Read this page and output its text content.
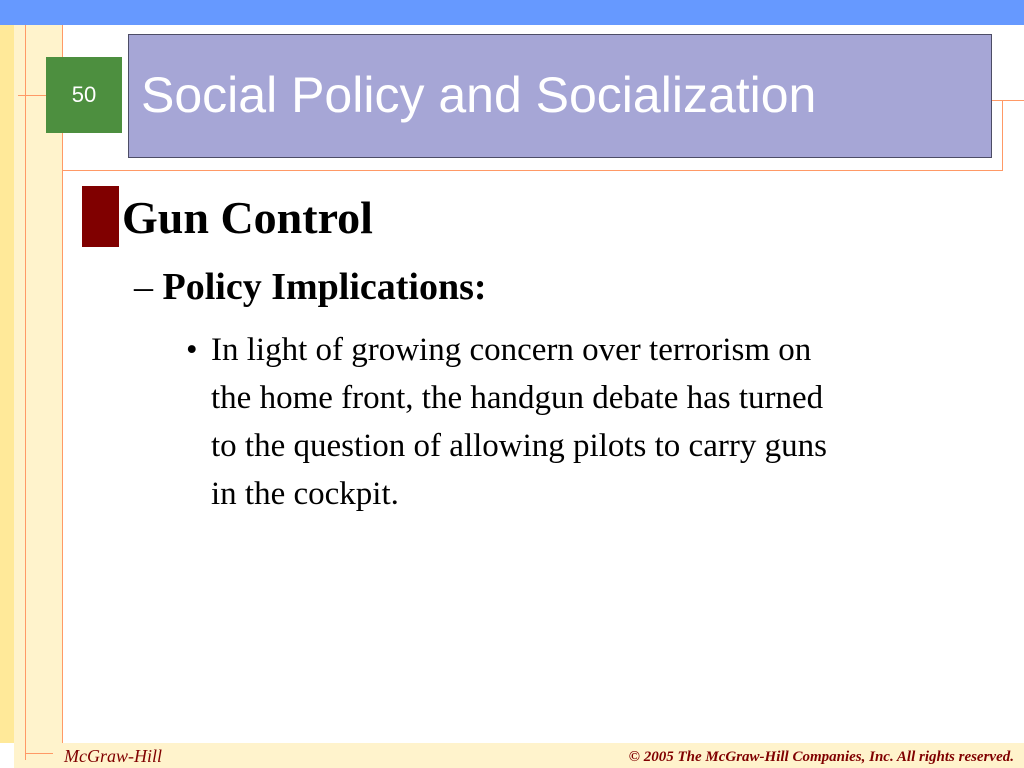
Social Policy and Socialization
50
Gun Control
– Policy Implications:
• In light of growing concern over terrorism on
the home front, the handgun debate has turned
to the question of allowing pilots to carry guns
in the cockpit.
McGraw-Hill	© 2005 The McGraw-Hill Companies, Inc. All rights reserved.
